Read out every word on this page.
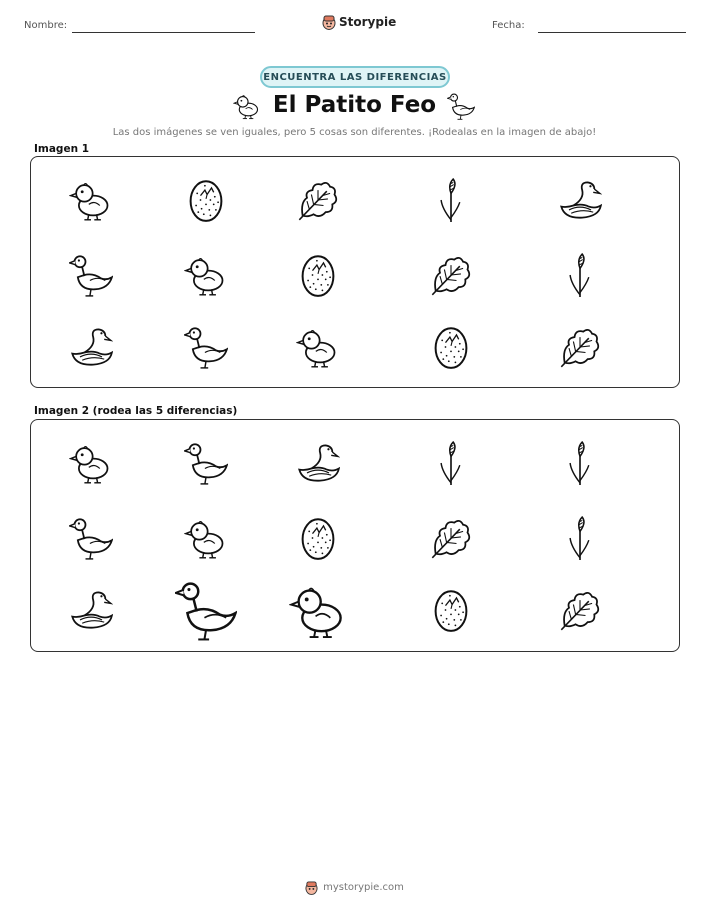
Nombre:	Storypie	Fecha:
ENCUENTRA LAS DIFERENCIAS
El Patito Feo
Las dos imágenes se ven iguales, pero 5 cosas son diferentes. ¡Rodealas en la imagen de abajo!
Imagen 1
Imagen 2 (rodea las 5 diferencias)
mystorypie.com
